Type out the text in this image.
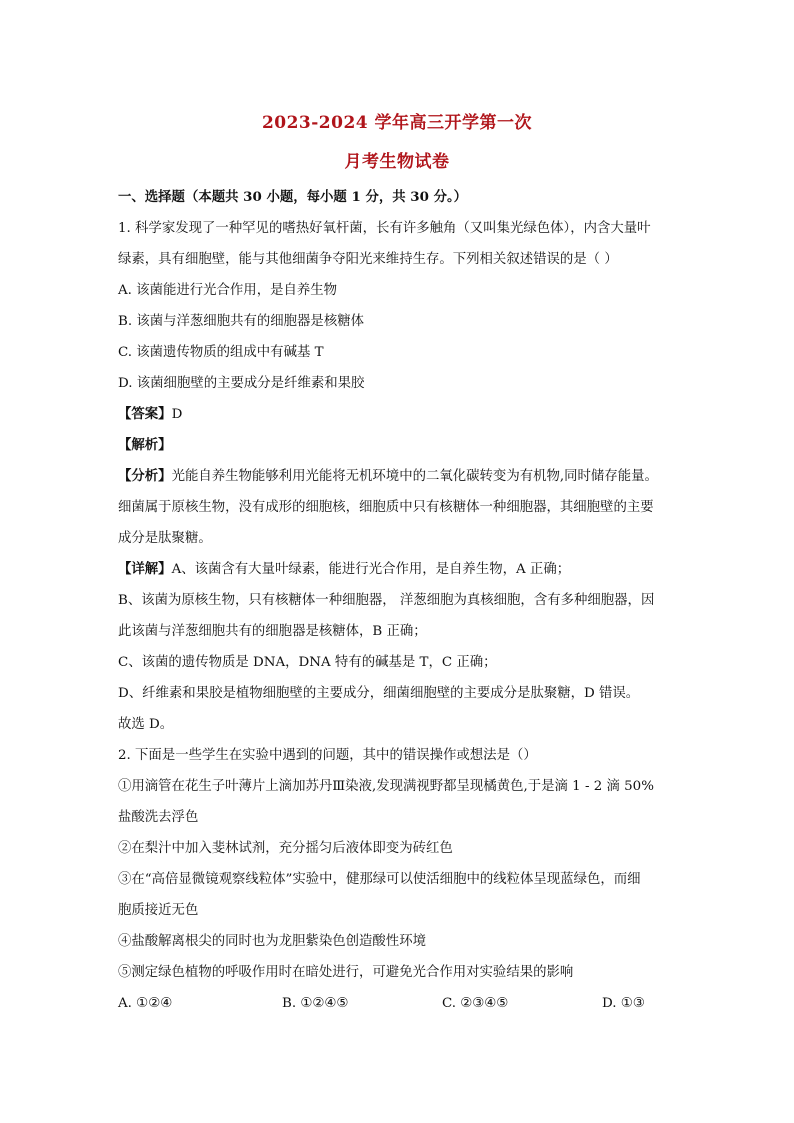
2023-2024 学年高三开学第一次
月考生物试卷
一、选择题（本题共 30 小题，每小题 1 分，共 30 分。）
1. 科学家发现了一种罕见的嗜热好氧杆菌，长有许多触角（又叫集光绿色体），内含大量叶
绿素，具有细胞壁，能与其他细菌争夺阳光来维持生存。下列相关叙述错误的是（ ）
A. 该菌能进行光合作用，是自养生物
B. 该菌与洋葱细胞共有的细胞器是核糖体
C. 该菌遗传物质的组成中有碱基 T
D. 该菌细胞壁的主要成分是纤维素和果胶
【答案】D
【解析】
【分析】光能自养生物能够利用光能将无机环境中的二氧化碳转变为有机物,同时储存能量。
细菌属于原核生物，没有成形的细胞核，细胞质中只有核糖体一种细胞器，其细胞壁的主要
成分是肽聚糖。
【详解】A、该菌含有大量叶绿素，能进行光合作用，是自养生物，A 正确；
B、该菌为原核生物，只有核糖体一种细胞器， 洋葱细胞为真核细胞，含有多种细胞器，因
此该菌与洋葱细胞共有的细胞器是核糖体，B 正确；
C、该菌的遗传物质是 DNA，DNA 特有的碱基是 T，C 正确；
D、纤维素和果胶是植物细胞壁的主要成分，细菌细胞壁的主要成分是肽聚糖，D 错误。
故选 D。
2. 下面是一些学生在实验中遇到的问题，其中的错误操作或想法是（）
①用滴管在花生子叶薄片上滴加苏丹Ⅲ染液,发现满视野都呈现橘黄色,于是滴 1 - 2 滴 50%
盐酸洗去浮色
②在梨汁中加入斐林试剂，充分摇匀后液体即变为砖红色
③在“高倍显微镜观察线粒体”实验中，健那绿可以使活细胞中的线粒体呈现蓝绿色，而细
胞质接近无色
④盐酸解离根尖的同时也为龙胆紫染色创造酸性环境
⑤测定绿色植物的呼吸作用时在暗处进行，可避免光合作用对实验结果的影响
A. ①②④	B. ①②④⑤	C. ②③④⑤	D. ①③
